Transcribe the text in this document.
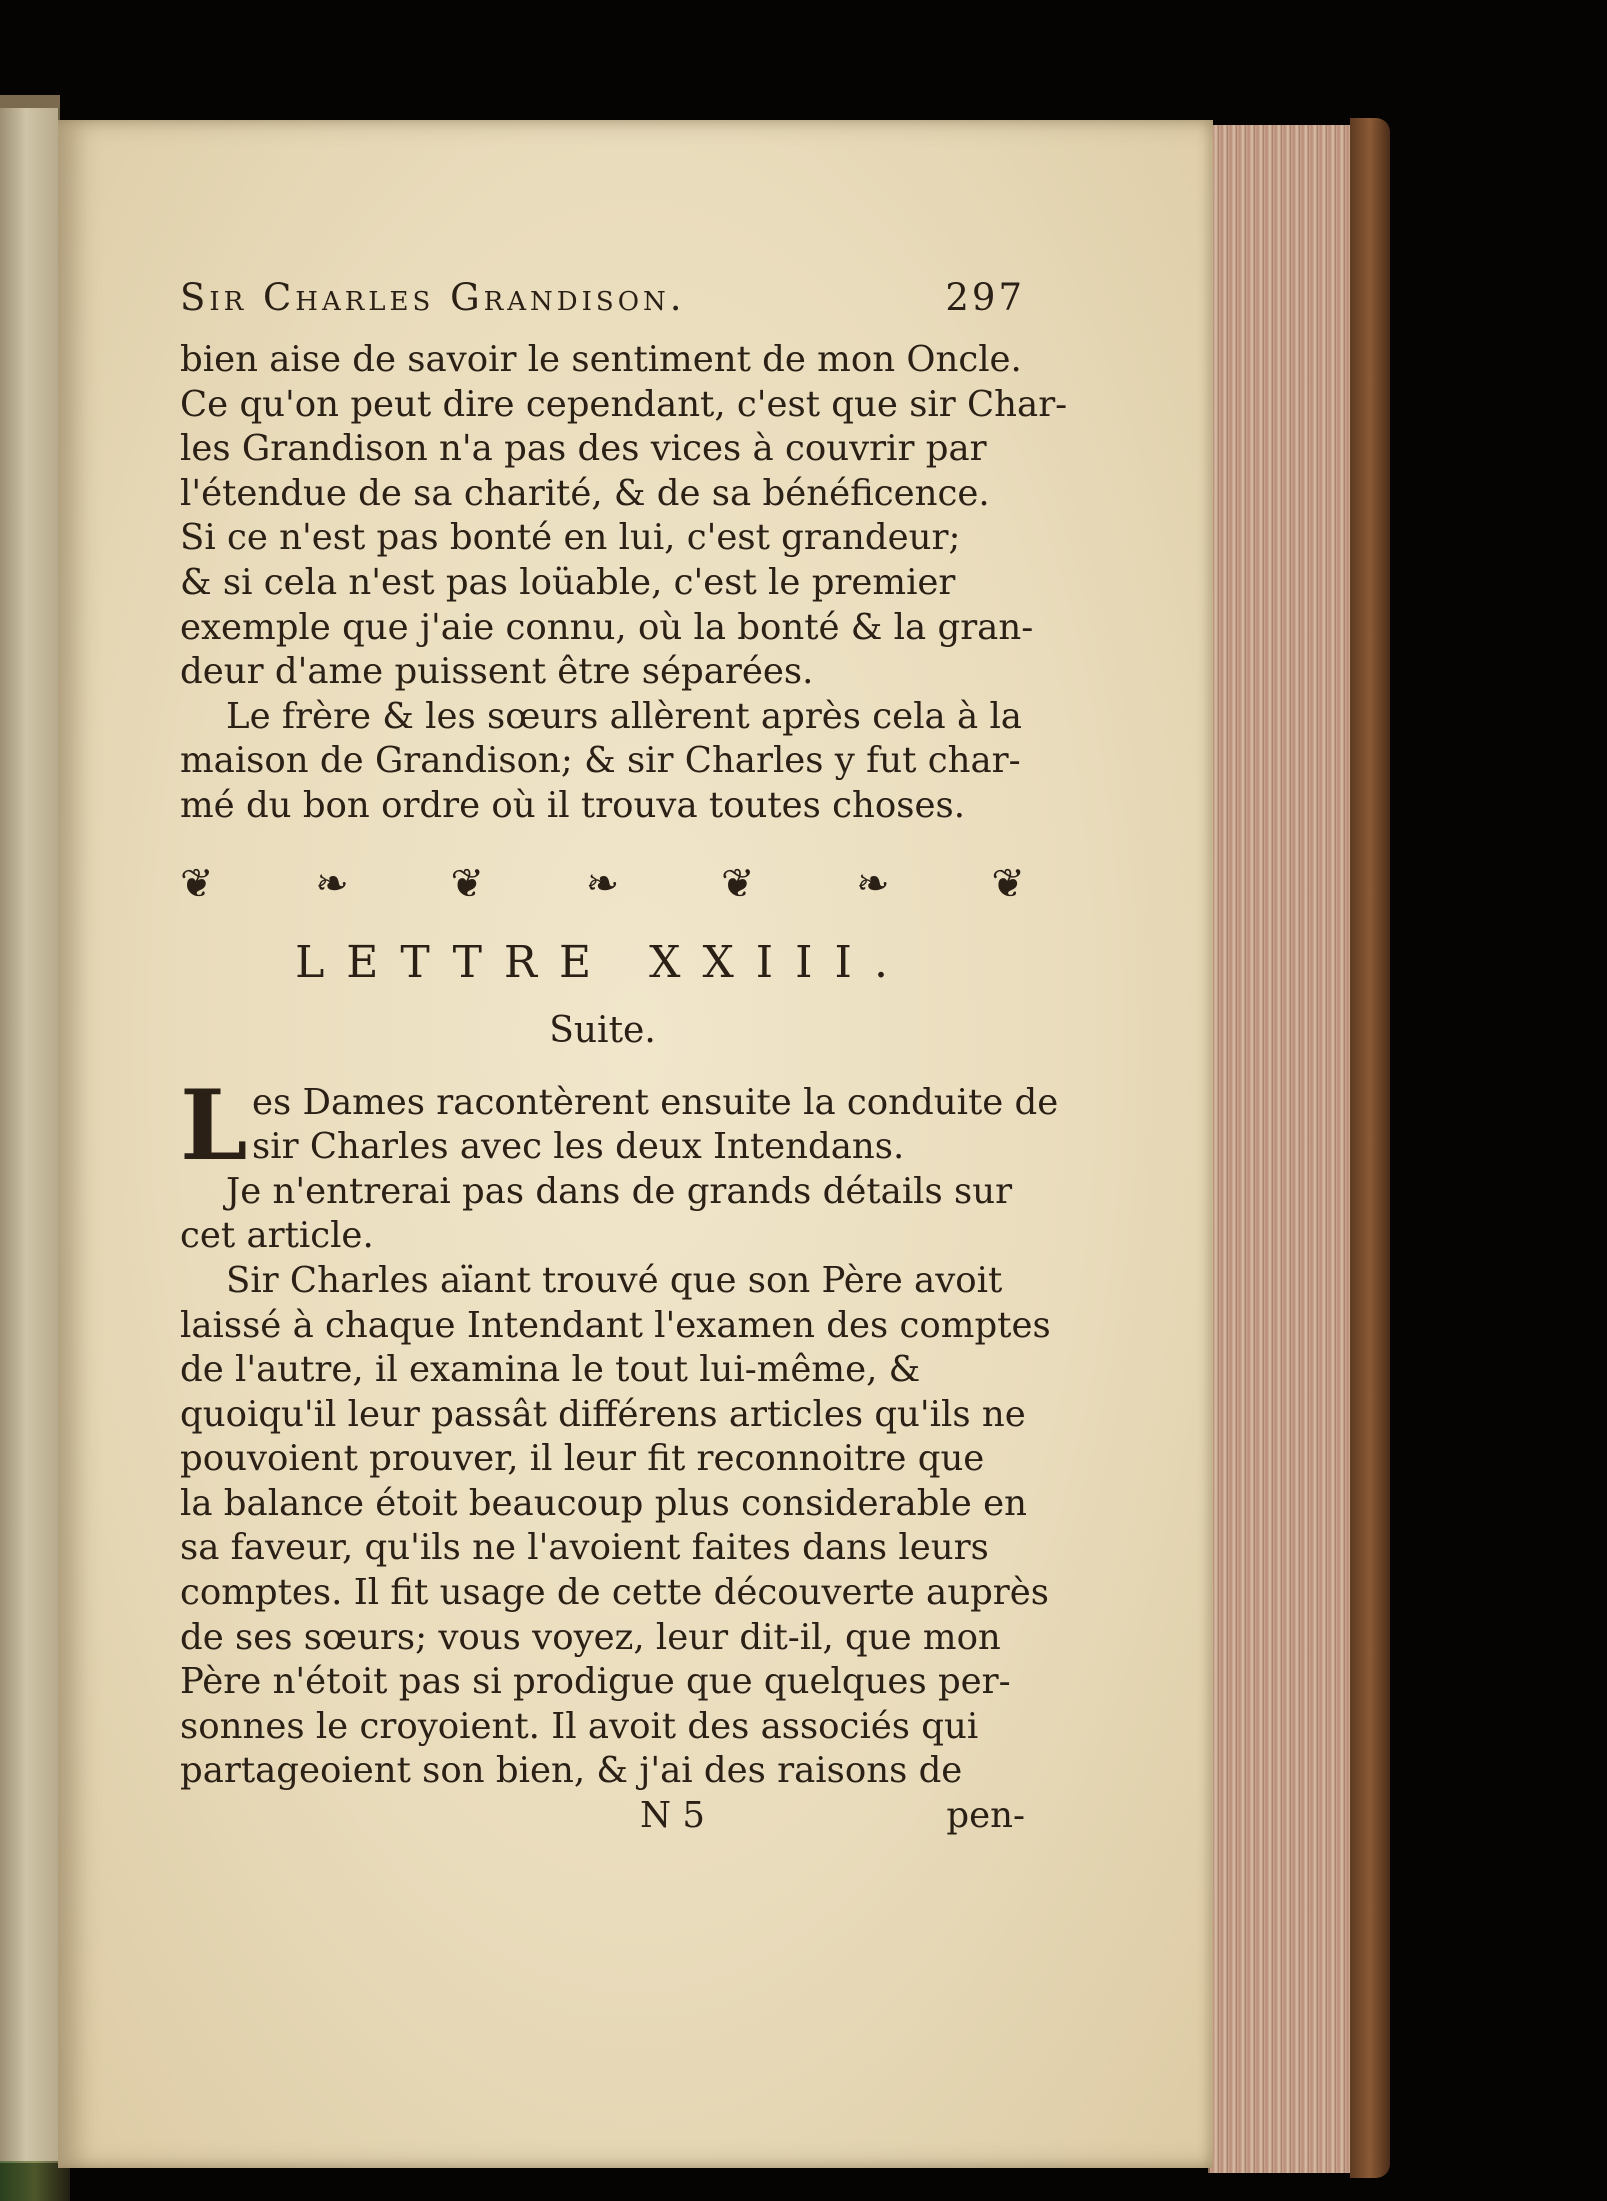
Sir Charles Grandison.	297
bien aise de savoir le sentiment de mon Oncle.
Ce qu'on peut dire cependant, c'est que sir Char-
les Grandison n'a pas des vices à couvrir par
l'étendue de sa charité, & de sa bénéficence.
Si ce n'est pas bonté en lui, c'est grandeur;
& si cela n'est pas loüable, c'est le premier
exemple que j'aie connu, où la bonté & la gran-
deur d'ame puissent être séparées.
Le frère & les sœurs allèrent après cela à la
maison de Grandison; & sir Charles y fut char-
mé du bon ordre où il trouva toutes choses.
❦	❧	❦	❧	❦	❧	❦
LETTRE XXIII.
Suite.
L es Dames racontèrent ensuite la conduite de
sir Charles avec les deux Intendans.
Je n'entrerai pas dans de grands détails sur
cet article.
Sir Charles aïant trouvé que son Père avoit
laissé à chaque Intendant l'examen des comptes
de l'autre, il examina le tout lui-même, &
quoiqu'il leur passât différens articles qu'ils ne
pouvoient prouver, il leur fit reconnoitre que
la balance étoit beaucoup plus considerable en
sa faveur, qu'ils ne l'avoient faites dans leurs
comptes. Il fit usage de cette découverte auprès
de ses sœurs; vous voyez, leur dit-il, que mon
Père n'étoit pas si prodigue que quelques per-
sonnes le croyoient. Il avoit des associés qui
partageoient son bien, & j'ai des raisons de
N 5	pen-
